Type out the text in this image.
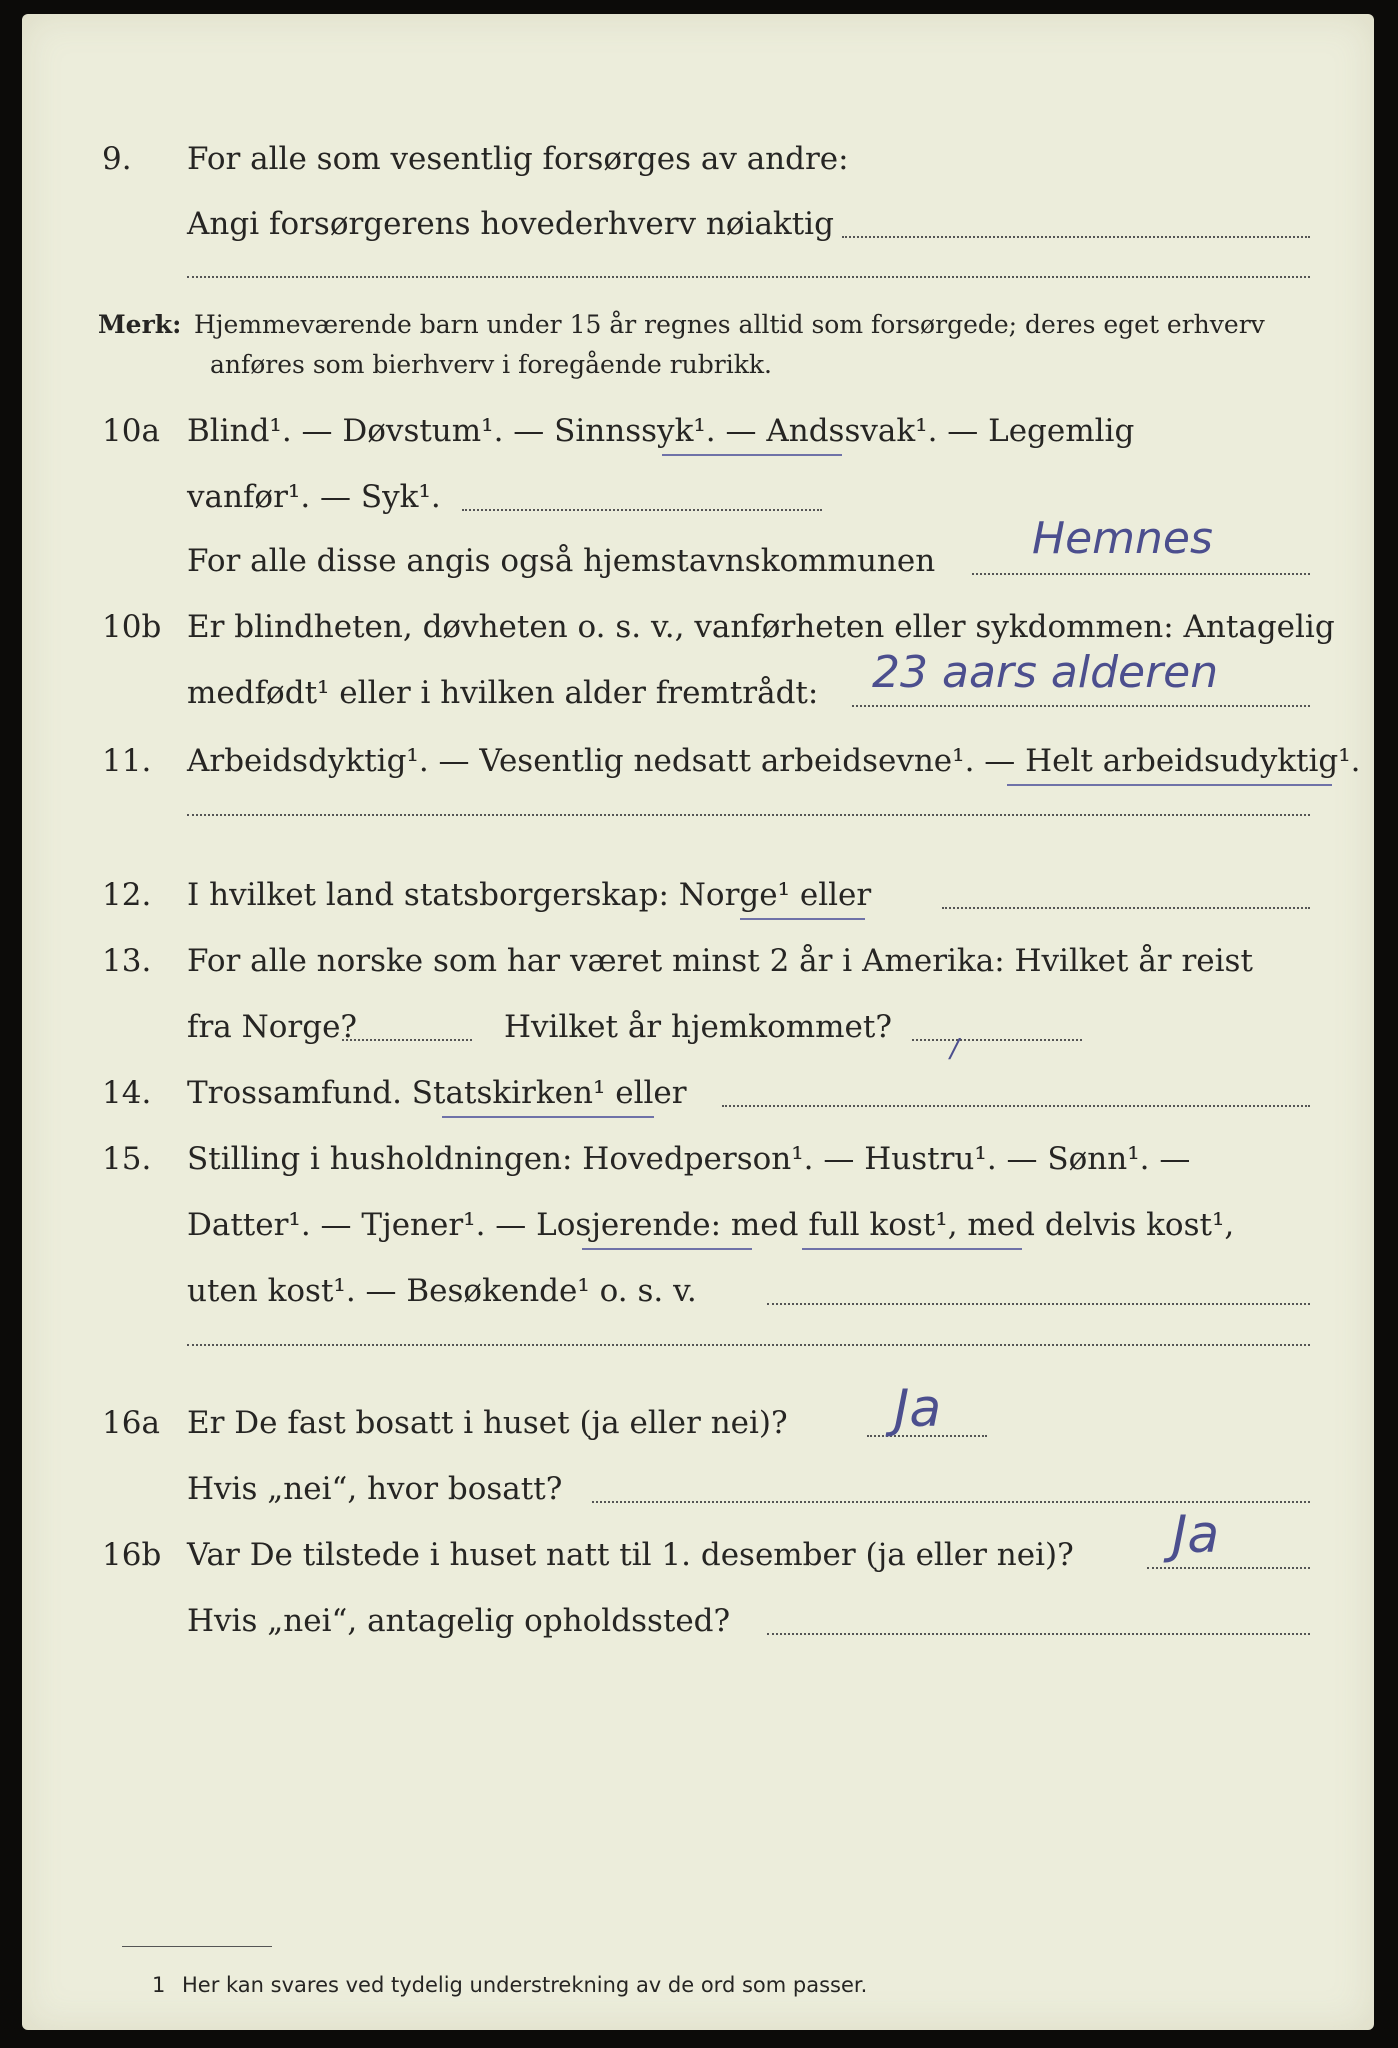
9. For alle som vesentlig forsørges av andre:
Angi forsørgerens hovederhverv nøiaktig
Merk: Hjemmeværende barn under 15 år regnes alltid som forsørgede; deres eget erhverv
anføres som bierhverv i foregående rubrikk.
10a Blind¹. — Døvstum¹. — Sinnssyk¹. — Andssvak¹. — Legemlig
vanfør¹. — Syk¹.
For alle disse angis også hjemstavnskommunen Hemnes
10b Er blindheten, døvheten o. s. v., vanførheten eller sykdommen: Antagelig
medfødt¹ eller i hvilken alder fremtrådt: 23 aars alderen
11. Arbeidsdyktig¹. — Vesentlig nedsatt arbeidsevne¹. — Helt arbeidsudyktig¹.
12. I hvilket land statsborgerskap: Norge¹ eller
13. For alle norske som har været minst 2 år i Amerika: Hvilket år reist
fra Norge?	Hvilket år hjemkommet?
/
14. Trossamfund. Statskirken¹ eller
15. Stilling i husholdningen: Hovedperson¹. — Hustru¹. — Sønn¹. —
Datter¹. — Tjener¹. — Losjerende: med full kost¹, med delvis kost¹,
uten kost¹. — Besøkende¹ o. s. v.
16a Er De fast bosatt i huset (ja eller nei)? Ja
Hvis „nei“, hvor bosatt?
16b Var De tilstede i huset natt til 1. desember (ja eller nei)? Ja
Hvis „nei“, antagelig opholdssted?
1 Her kan svares ved tydelig understrekning av de ord som passer.
